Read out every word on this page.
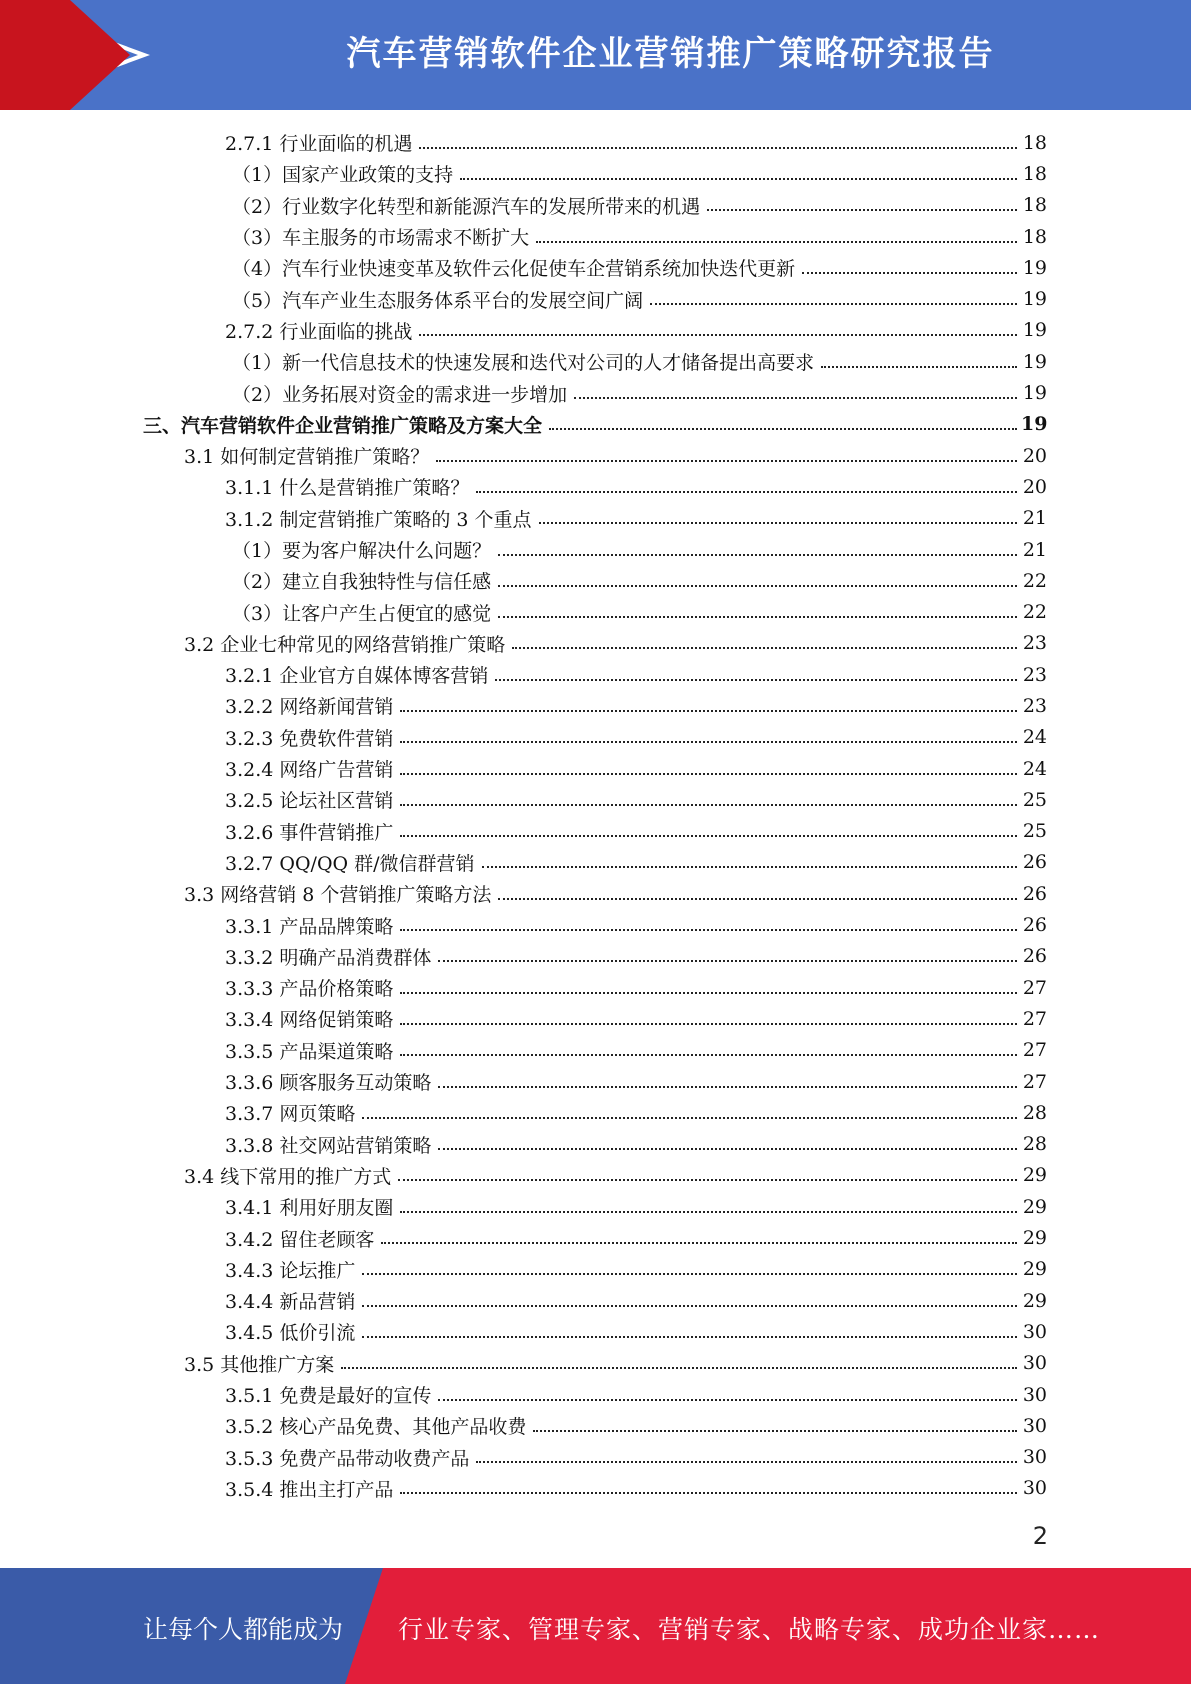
汽车营销软件企业营销推广策略研究报告
2.7.1 行业面临的机遇	18
（1）国家产业政策的支持	18
（2）行业数字化转型和新能源汽车的发展所带来的机遇	18
（3）车主服务的市场需求不断扩大	18
（4）汽车行业快速变革及软件云化促使车企营销系统加快迭代更新	19
（5）汽车产业生态服务体系平台的发展空间广阔	19
2.7.2 行业面临的挑战	19
（1）新一代信息技术的快速发展和迭代对公司的人才储备提出高要求	19
（2）业务拓展对资金的需求进一步增加	19
三、汽车营销软件企业营销推广策略及方案大全	19
3.1 如何制定营销推广策略？	20
3.1.1 什么是营销推广策略？	20
3.1.2 制定营销推广策略的 3 个重点	21
（1）要为客户解决什么问题？	21
（2）建立自我独特性与信任感	22
（3）让客户产生占便宜的感觉	22
3.2 企业七种常见的网络营销推广策略	23
3.2.1 企业官方自媒体博客营销	23
3.2.2 网络新闻营销	23
3.2.3 免费软件营销	24
3.2.4 网络广告营销	24
3.2.5 论坛社区营销	25
3.2.6 事件营销推广	25
3.2.7 QQ/QQ 群/微信群营销	26
3.3 网络营销 8 个营销推广策略方法	26
3.3.1 产品品牌策略	26
3.3.2 明确产品消费群体	26
3.3.3 产品价格策略	27
3.3.4 网络促销策略	27
3.3.5 产品渠道策略	27
3.3.6 顾客服务互动策略	27
3.3.7 网页策略	28
3.3.8 社交网站营销策略	28
3.4 线下常用的推广方式	29
3.4.1 利用好朋友圈	29
3.4.2 留住老顾客	29
3.4.3 论坛推广	29
3.4.4 新品营销	29
3.4.5 低价引流	30
3.5 其他推广方案	30
3.5.1 免费是最好的宣传	30
3.5.2 核心产品免费、其他产品收费	30
3.5.3 免费产品带动收费产品	30
3.5.4 推出主打产品	30
2
让每个人都能成为 行业专家、管理专家、营销专家、战略专家、成功企业家……
